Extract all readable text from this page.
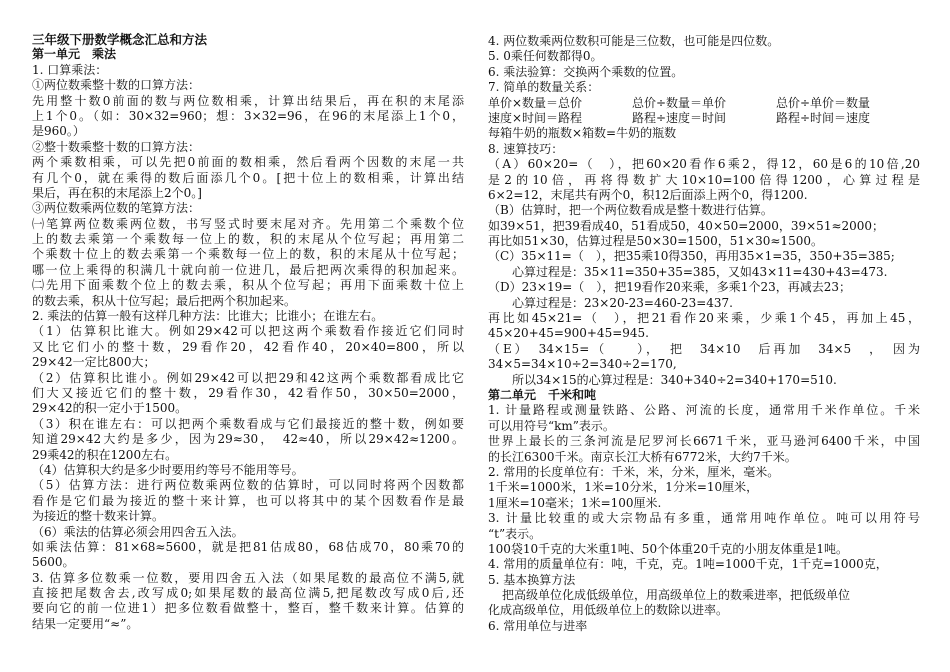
三年级下册数学概念汇总和方法
第一单元　乘法
1. 口算乘法：
①两位数乘整十数的口算方法：
先用整十数0前面的数与两位数相乘，计算出结果后，再在积的末尾添
上1个0。（如：30×32=960；想：3×32=96，在96的末尾添上1个0，
是960。）
②整十数乘整十数的口算方法：
两个乘数相乘，可以先把0前面的数相乘，然后看两个因数的末尾一共
有几个0，就在乘得的数后面添几个0。[把十位上的数相乘，计算出结
果后，再在积的末尾添上2个0。]
③两位数乘两位数的笔算方法：
㈠笔算两位数乘两位数，书写竖式时要末尾对齐。先用第二个乘数个位
上的数去乘第一个乘数每一位上的数，积的末尾从个位写起；再用第二
个乘数十位上的数去乘第一个乘数每一位上的数，积的末尾从十位写起；
哪一位上乘得的积满几十就向前一位进几，最后把两次乘得的积加起来。
㈡先用下面乘数个位上的数去乘，积从个位写起；再用下面乘数十位上
的数去乘，积从十位写起；最后把两个积加起来。
2. 乘法的估算一般有这样几种方法：比谁大；比谁小；在谁左右。
（1）估算积比谁大。例如29×42可以把这两个乘数看作接近它们同时
又比它们小的整十数，29看作20，42看作40，20×40=800，所以
29×42一定比800大；
（2）估算积比谁小。例如29×42可以把29和42这两个乘数都看成比它
们大又接近它们的整十数，29看作30，42看作50，30×50=2000，
29×42的积一定小于1500。
（3）积在谁左右：可以把两个乘数看成与它们最接近的整十数，例如要
知道29×42大约是多少，因为29≈30，　42≈40，所以29×42≈1200。
29乘42的积在1200左右。
（4）估算积大约是多少时要用约等号不能用等号。
（5）估算方法：进行两位数乘两位数的估算时，可以同时将两个因数都
看作是它们最为接近的整十来计算，也可以将其中的某个因数看作是最
为接近的整十数来计算。
（6）乘法的估算必须会用四舍五入法。
如乘法估算：81×68≈5600，就是把81估成80，68估成70，80乘70的
5600。
3. 估算多位数乘一位数，要用四舍五入法（如果尾数的最高位不满5,就
直接把尾数舍去,改写成0;如果尾数的最高位满5,把尾数改写成0后,还
要向它的前一位进1）把多位数看做整十，整百，整千数来计算。估算的
结果一定要用“≈”。
4. 两位数乘两位数积可能是三位数，也可能是四位数。
5. 0乘任何数都得0。
6. 乘法验算：交换两个乘数的位置。
7. 简单的数量关系：
单价×数量＝总价	总价÷数量＝单价	总价÷单价＝数量
速度×时间＝路程	路程÷速度＝时间	路程÷时间＝速度
每箱牛奶的瓶数×箱数=牛奶的瓶数
8. 速算技巧：
（A）60×20=（　），把60×20看作6乘2，得12，60是6的10倍,20
是2的10倍，再将得数扩大10×10=100倍得1200，心算过程是
6×2=12，末尾共有两个0，积12后面添上两个0，得1200.
（B）估算时，把一个两位数看成是整十数进行估算。
如39×51，把39看成40，51看成50，40×50=2000，39×51≈2000；
再比如51×30，估算过程是50×30=1500，51×30≈1500。
（C）35×11=（　），把35乘10得350，再用35×1=35，350+35=385;
心算过程是：35×11=350+35=385，又如43×11=430+43=473.
（D）23×19=（　），把19看作20来乘，多乘1个23，再减去23；
心算过程是：23×20-23=460-23=437.
再比如45×21=（　），把21看作20来乘，少乘1个45，再加上45，
45×20+45=900+45=945.
（E）　34×15=（　　），　把　34×10　后再加　34×5　，　因为
34×5=34×10÷2=340÷2=170,
所以34×15的心算过程是：340+340÷2=340+170=510.
第二单元　千米和吨
1. 计量路程或测量铁路、公路、河流的长度，通常用千米作单位。千米
可以用符号“km”表示。
世界上最长的三条河流是尼罗河长6671千米，亚马逊河6400千米，中国
的长江6300千米。南京长江大桥有6772米，大约7千米。
2. 常用的长度单位有：千米，米，分米，厘米，毫米。
1千米=1000米，1米=10分米，1分米=10厘米，
1厘米=10毫米；1米=100厘米.
3. 计量比较重的或大宗物品有多重，通常用吨作单位。吨可以用符号
“t”表示。
100袋10千克的大米重1吨、50个体重20千克的小朋友体重是1吨。
4. 常用的质量单位有：吨，千克，克。1吨=1000千克，1千克=1000克，
5. 基本换算方法
把高级单位化成低级单位，用高级单位上的数乘进率，把低级单位
化成高级单位，用低级单位上的数除以进率。
6. 常用单位与进率
